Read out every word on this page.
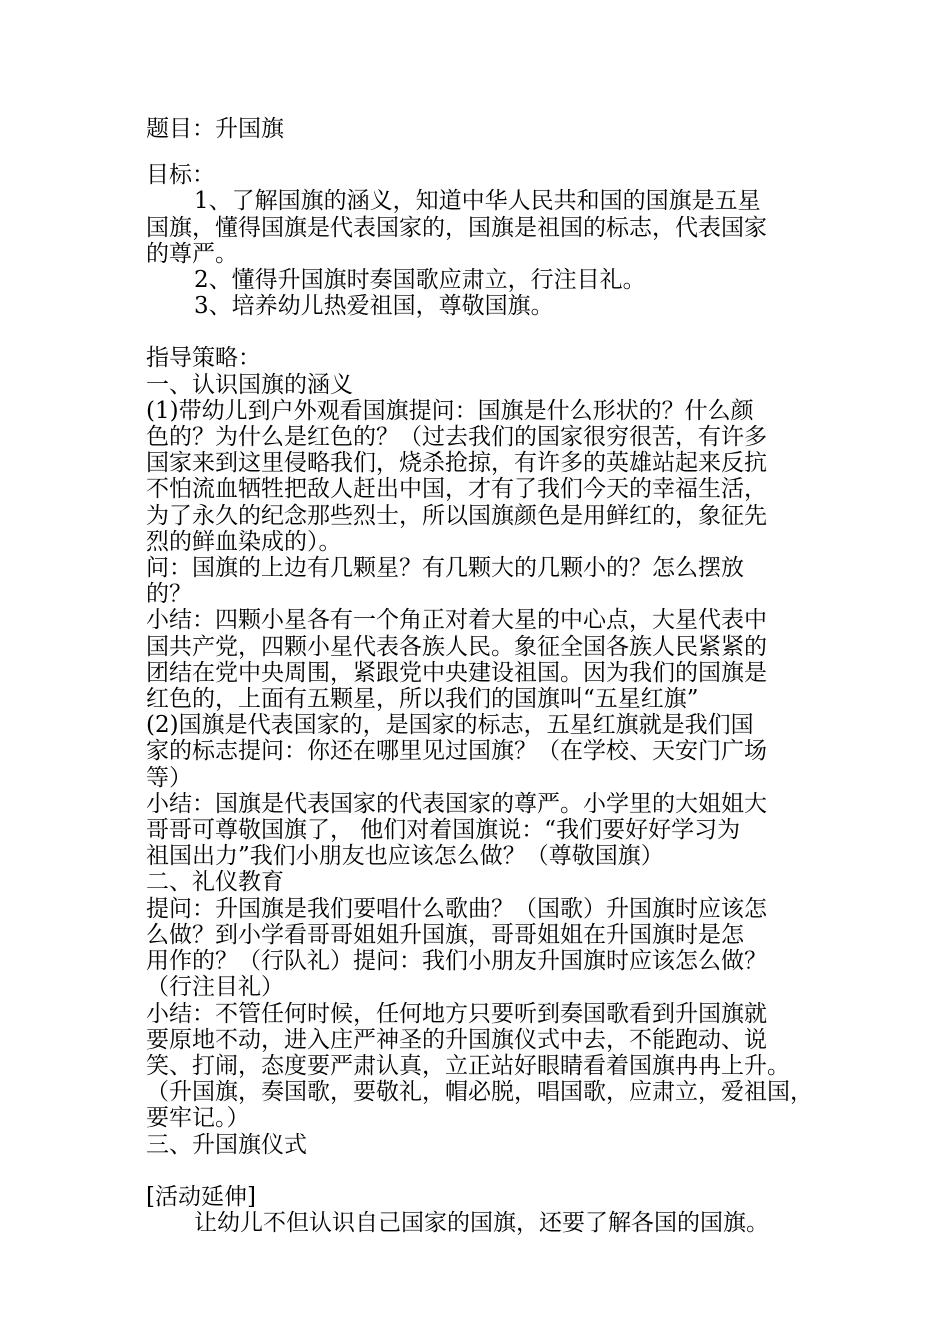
题目：升国旗
目标：
1、了解国旗的涵义，知道中华人民共和国的国旗是五星
国旗，懂得国旗是代表国家的，国旗是祖国的标志，代表国家
的尊严。
2、懂得升国旗时奏国歌应肃立，行注目礼。
3、培养幼儿热爱祖国，尊敬国旗。
指导策略：
一、认识国旗的涵义
(1)带幼儿到户外观看国旗提问：国旗是什么形状的？什么颜
色的？为什么是红色的？（过去我们的国家很穷很苦，有许多
国家来到这里侵略我们，烧杀抢掠，有许多的英雄站起来反抗
不怕流血牺牲把敌人赶出中国，才有了我们今天的幸福生活，
为了永久的纪念那些烈士，所以国旗颜色是用鲜红的，象征先
烈的鲜血染成的）。
问：国旗的上边有几颗星？有几颗大的几颗小的？怎么摆放
的？
小结：四颗小星各有一个角正对着大星的中心点，大星代表中
国共产党，四颗小星代表各族人民。象征全国各族人民紧紧的
团结在党中央周围，紧跟党中央建设祖国。因为我们的国旗是
红色的，上面有五颗星，所以我们的国旗叫“五星红旗”
(2)国旗是代表国家的，是国家的标志，五星红旗就是我们国
家的标志提问：你还在哪里见过国旗？（在学校、天安门广场
等）
小结：国旗是代表国家的代表国家的尊严。小学里的大姐姐大
哥哥可尊敬国旗了， 他们对着国旗说：“我们要好好学习为
祖国出力”我们小朋友也应该怎么做？（尊敬国旗）
二、礼仪教育
提问：升国旗是我们要唱什么歌曲？（国歌）升国旗时应该怎
么做？到小学看哥哥姐姐升国旗，哥哥姐姐在升国旗时是怎
用作的？（行队礼）提问：我们小朋友升国旗时应该怎么做？
（行注目礼）
小结：不管任何时候，任何地方只要听到奏国歌看到升国旗就
要原地不动，进入庄严神圣的升国旗仪式中去，不能跑动、说
笑、打闹，态度要严肃认真，立正站好眼睛看着国旗冉冉上升。
（升国旗，奏国歌，要敬礼，帽必脱，唱国歌，应肃立，爱祖国，
要牢记。）
三、升国旗仪式
[活动延伸]
让幼儿不但认识自己国家的国旗，还要了解各国的国旗。
